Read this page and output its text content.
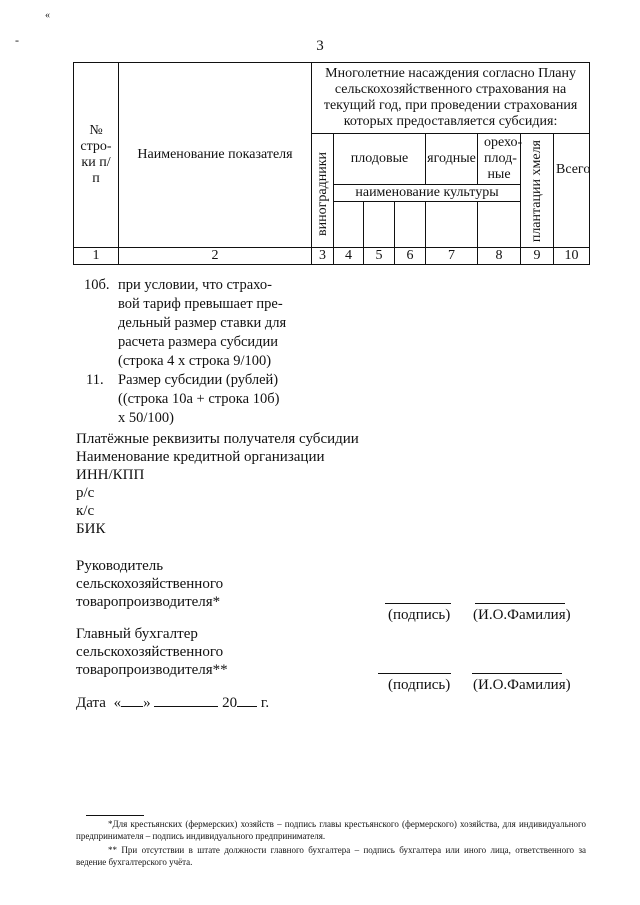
«
-	3
№ стро-ки п/п	Наименование показателя	Многолетние насаждения согласно Плану сельскохозяйственного страхования на текущий год, при проведении страхования которых предоставляется субсидия:							
		виноградники	плодовые			ягодные	орехо-плод-ные	плантации хмеля	Всего
			наименование культуры						

1	2	3	4	5	6	7	8	9	10
10б. при условии, что страхо-
вой тариф превышает пре-
дельный размер ставки для
расчета размера субсидии
(строка 4 х строка 9/100)
11. Размер субсидии (рублей)
((строка 10а + строка 10б)
х 50/100)
Платёжные реквизиты получателя субсидии
Наименование кредитной организации
ИНН/КПП
р/с
к/с
БИК
Руководитель
сельскохозяйственного
товаропроизводителя*
(подпись) (И.О.Фамилия)
Главный бухгалтер
сельскохозяйственного
товаропроизводителя**
(подпись) (И.О.Фамилия)
Дата « »	20 г.
*Для крестьянских (фермерских) хозяйств – подпись главы крестьянского (фермерского) хозяйства, для индивидуального предпринимателя – подпись индивидуального предпринимателя.
** При отсутствии в штате должности главного бухгалтера – подпись бухгалтера или иного лица, ответственного за ведение бухгалтерского учёта.
